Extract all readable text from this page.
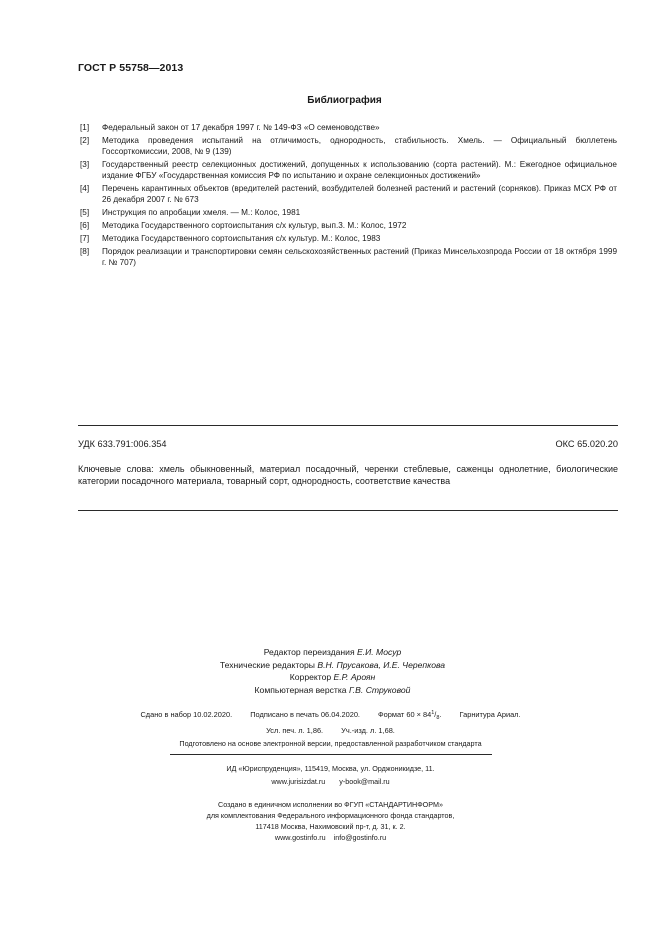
ГОСТ Р 55758—2013
Библиография
[1]	Федеральный закон от 17 декабря 1997 г. № 149-ФЗ «О семеноводстве»
[2]	Методика проведения испытаний на отличимость, однородность, стабильность. Хмель. — Официальный бюллетень Госсорткомиссии, 2008, № 9 (139)
[3]	Государственный реестр селекционных достижений, допущенных к использованию (сорта растений). М.: Ежегодное официальное издание ФГБУ «Государственная комиссия РФ по испытанию и охране селекционных достижений»
[4]	Перечень карантинных объектов (вредителей растений, возбудителей болезней растений и растений (сорняков). Приказ МСХ РФ от 26 декабря 2007 г. № 673
[5]	Инструкция по апробации хмеля. — М.: Колос, 1981
[6]	Методика Государственного сортоиспытания с/х культур, вып.3. М.: Колос, 1972
[7]	Методика Государственного сортоиспытания с/х культур. М.: Колос, 1983
[8]	Порядок реализации и транспортировки семян сельскохозяйственных растений (Приказ Минсельхозпрода России от 18 октября 1999 г. № 707)
УДК 633.791:006.354	ОКС 65.020.20
Ключевые слова: хмель обыкновенный, материал посадочный, черенки стеблевые, саженцы однолетние, биологические категории посадочного материала, товарный сорт, однородность, соответствие качества
Редактор переиздания Е.И. Мосур
Технические редакторы В.Н. Прусакова, И.Е. Черепкова
Корректор Е.Р. Ароян
Компьютерная верстка Г.В. Струковой
Сдано в набор 10.02.2020. Подписано в печать 06.04.2020. Формат $60 \times 84^1/_8$. Гарнитура Ариал.
Усл. печ. л. 1,86. Уч.-изд. л. 1,68.
Подготовлено на основе электронной версии, предоставленной разработчиком стандарта
ИД «Юриспруденция», 115419, Москва, ул. Орджоникидзе, 11.
www.jurisizdat.ru y-book@mail.ru
Создано в единичном исполнении во ФГУП «СТАНДАРТИНФОРМ»
для комплектования Федерального информационного фонда стандартов,
117418 Москва, Нахимовский пр-т, д. 31, к. 2.
www.gostinfo.ru info@gostinfo.ru
